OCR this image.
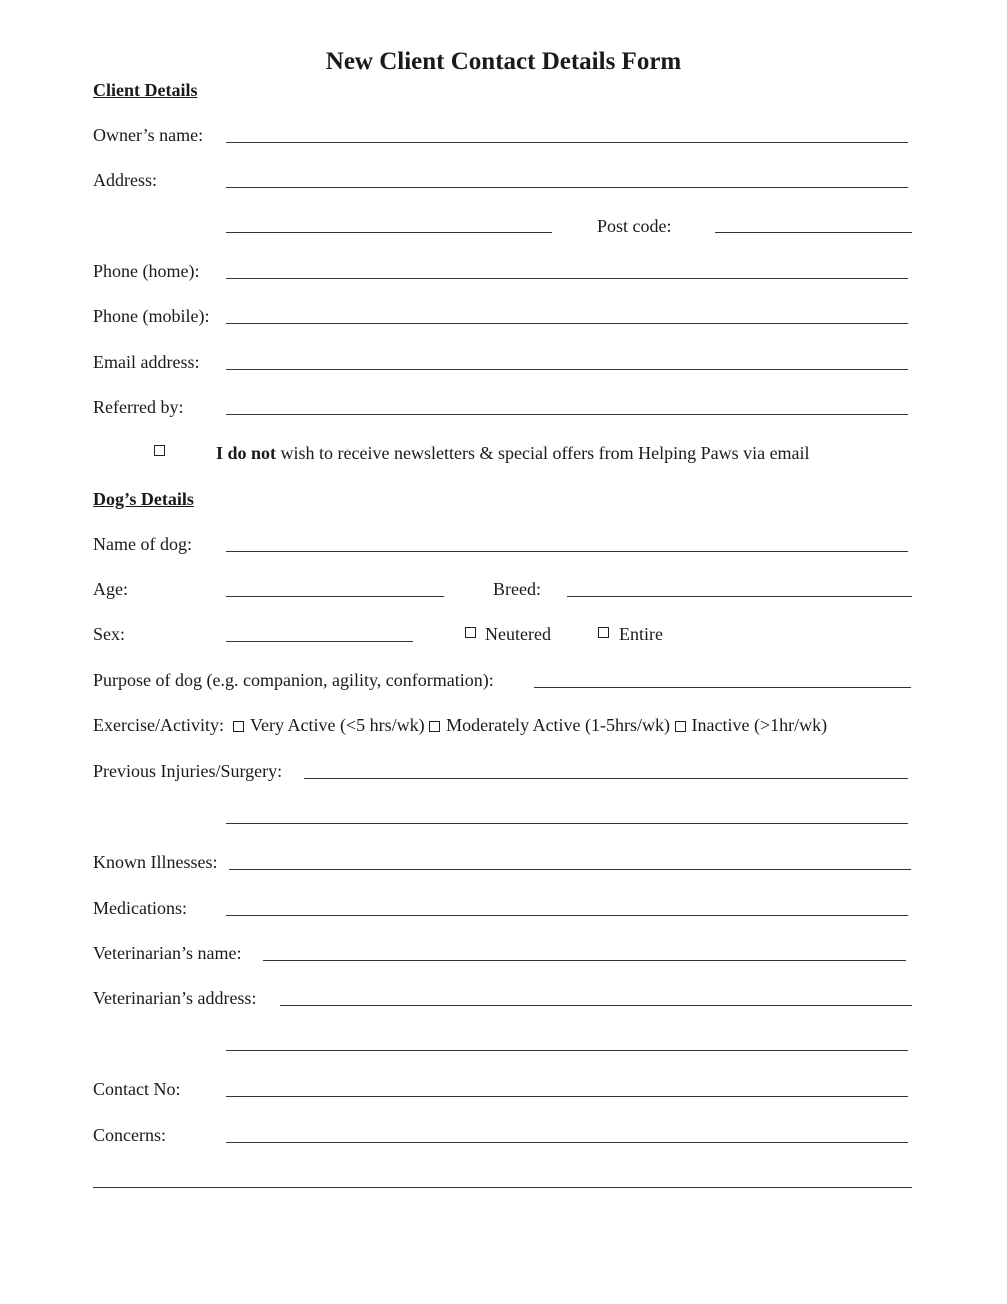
New Client Contact Details Form
Client Details
Owner’s name:
Address:
Post code:
Phone (home):
Phone (mobile):
Email address:
Referred by:
I do not wish to receive newsletters & special offers from Helping Paws via email
Dog’s Details
Name of dog:
Age:	Breed:
Sex:	Neutered	Entire
Purpose of dog (e.g. companion, agility, conformation):
Exercise/Activity: Very Active (<5 hrs/wk) Moderately Active (1-5hrs/wk) Inactive (>1hr/wk)
Previous Injuries/Surgery:
Known Illnesses:
Medications:
Veterinarian’s name:
Veterinarian’s address:
Contact No:
Concerns:
